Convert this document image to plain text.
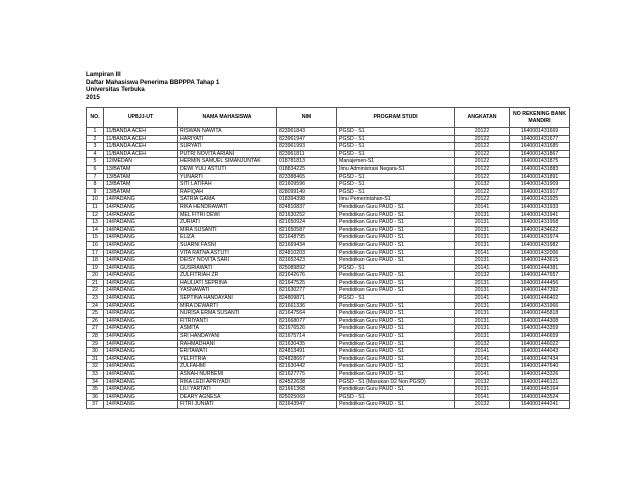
Lampiran III
Daftar Mahasiswa Penerima BBPPPA Tahap 1
Universitas Terbuka
2015
NO.	UPBJJ-UT	NAMA MAHASISWA	NIM	PROGRAM STUDI	ANGKATAN	NO REKENING BANK MANDIRI
1	11/BANDA ACEH	RISWAN NAWITA	823961843	PGSD - S1	20122	1640001431669
2	11/BANDA ACEH	HARIYATI	823961947	PGSD - S1	20122	1640001431677
3	11/BANDA ACEH	SURYATI	823961993	PGSD - S1	20122	1640001431685
4	11/BANDA ACEH	PUTRI NOVITA ARIANI	823961811	PGSD - S1	20122	1640001431867
5	12/MEDAN	HERMIN SAMUEL SIMANJUNTAK	018781813	Manajemen-S1	20122	1640001431875
6	13/BATAM	DEWI YULI ASTUTI	018834225	Ilmu Administrasi Negara-S1	20122	1640001431883
7	13/BATAM	YUNARTI	823388465	PGSD - S1	20122	1640001431891
8	13/BATAM	SITI LATIFAH	821609596	PGSD - S1	20132	1640001431909
9	13/BATAM	RAFIQAH	828099149	PGSD - S1	20122	1640001431917
10	14/PADANG	SATRIA GAMA	018394398	Ilmu Pemerintahan-S1	20122	1640001431925
11	14/PADANG	RIKA HENDRAWATI	824810837	Pendidikan Guru PAUD - S1	20141	1640001431933
12	14/PADANG	MEL FITRI DEWI	821630252	Pendidikan Guru PAUD - S1	20131	1640001431941
13	14/PADANG	ZURIATI	821650924	Pendidikan Guru PAUD - S1	20131	1640001431958
14	14/PADANG	MIRA SUSANTI	821650587	Pendidikan Guru PAUD - S1	20131	1640001434622
15	14/PADANG	ELIZA	821648795	Pendidikan Guru PAUD - S1	20131	1640001431974
16	14/PADANG	SUARNI FASNI	821669434	Pendidikan Guru PAUD - S1	20131	1640001431982
17	14/PADANG	VITA RATNA ASTUTI	824810203	Pendidikan Guru PAUD - S1	20141	1640001432006
18	14/PADANG	DEISY NOVITA SARI	821652423	Pendidikan Guru PAUD - S1	20131	1640001443615
19	14/PADANG	GUSRIAWATI	825089892	PGSD - S1	20141	1640001444381
20	14/PADANG	ZULFITRIAH ZR	821642676	Pendidikan Guru PAUD - S1	20132	1640001447657
21	14/PADANG	HAULIATI SEPRINA	821647525	Pendidikan Guru PAUD - S1	20131	1640001444456
22	14/PADANG	YASNAWATI	821630277	Pendidikan Guru PAUD - S1	20131	1640001447392
23	14/PADANG	SEPTINA HANDAYANI	824809871	PGSD - S1	20141	1640001446402
24	14/PADANG	MIRA DEWARTI	821661336	Pendidikan Guru PAUD - S1	20131	1640001431966
25	14/PADANG	NURISA ERMA SUSANTI	821647564	Pendidikan Guru PAUD - S1	20131	1640001445818
26	14/PADANG	FITRIYANTI	821668077	Pendidikan Guru PAUD - S1	20131	1640001444308
27	14/PADANG	ASMITA	821676526	Pendidikan Guru PAUD - S1	20131	1640001443359
28	14/PADANG	SRI HANDAYANI	821675714	Pendidikan Guru PAUD - S1	20131	1640001446659
29	14/PADANG	RAHMADHANI	821630435	Pendidikan Guru PAUD - S1	20132	1640001446022
30	14/PADANG	ERITAWATI	824813491	Pendidikan Guru PAUD - S1	20141	1640001444043
31	14/PADANG	YELFITRIA	824828667	Pendidikan Guru PAUD - S1	20141	1640001447434
32	14/PADANG	ZULFAHMI	821630442	Pendidikan Guru PAUD - S1	20131	1640001447640
33	14/PADANG	ASNAH NURBEMI	821627775	Pendidikan Guru PAUD - S1	20141	1640001443326
34	14/PADANG	RIKA LEDI APRIYADI	824522638	PGSD - S1 (Masukan D2 Non PGSD)	20132	1640001446121
35	14/PADANG	LILI YARTATI	821661368	Pendidikan Guru PAUD - S1	20131	1640001445164
36	14/PADANG	DEARY AGNESA	825025069	PGSD - S1	20141	1640001443524
37	14/PADANG	FITRI JUNIATI	821643947	Pendidikan Guru PAUD - S1	20132	1640001444241
